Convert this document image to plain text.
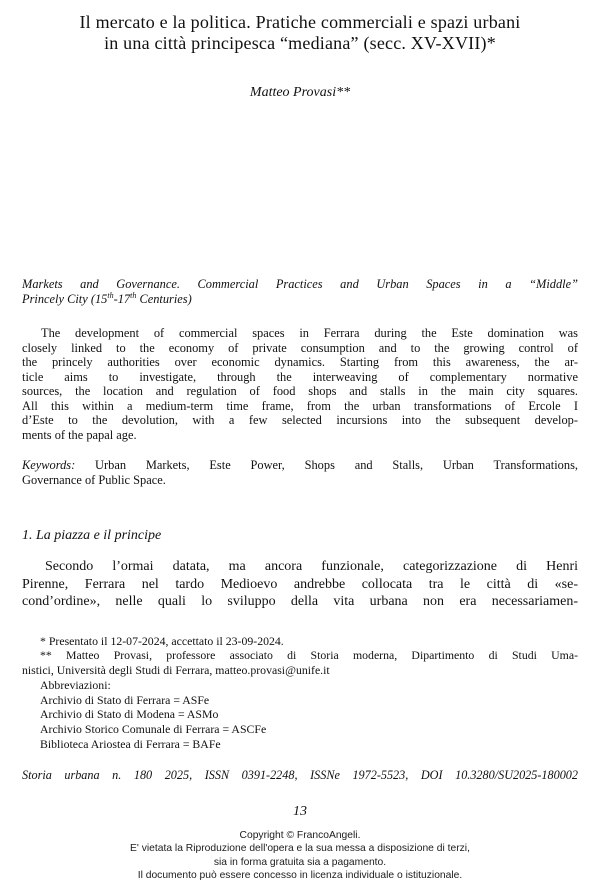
Il mercato e la politica. Pratiche commerciali e spazi urbani
in una città principesca “mediana” (secc. XV-XVII)*
Matteo Provasi**
Markets and Governance. Commercial Practices and Urban Spaces in a “Middle”
Princely City (15th-17th Centuries)
The development of commercial spaces in Ferrara during the Este domination was
closely linked to the economy of private consumption and to the growing control of
the princely authorities over economic dynamics. Starting from this awareness, the ar-
ticle aims to investigate, through the interweaving of complementary normative
sources, the location and regulation of food shops and stalls in the main city squares.
All this within a medium-term time frame, from the urban transformations of Ercole I
d’Este to the devolution, with a few selected incursions into the subsequent develop-
ments of the papal age.
Keywords: Urban Markets, Este Power, Shops and Stalls, Urban Transformations,
Governance of Public Space.
1. La piazza e il principe
Secondo l’ormai datata, ma ancora funzionale, categorizzazione di Henri
Pirenne, Ferrara nel tardo Medioevo andrebbe collocata tra le città di «se-
cond’ordine», nelle quali lo sviluppo della vita urbana non era necessariamen-
* Presentato il 12-07-2024, accettato il 23-09-2024.
** Matteo Provasi, professore associato di Storia moderna, Dipartimento di Studi Uma-
nistici, Università degli Studi di Ferrara, matteo.provasi@unife.it
Abbreviazioni:
Archivio di Stato di Ferrara = ASFe
Archivio di Stato di Modena = ASMo
Archivio Storico Comunale di Ferrara = ASCFe
Biblioteca Ariostea di Ferrara = BAFe
Storia urbana n. 180 2025, ISSN 0391-2248, ISSNe 1972-5523, DOI 10.3280/SU2025-180002
13
Copyright © FrancoAngeli.
E' vietata la Riproduzione dell'opera e la sua messa a disposizione di terzi,
sia in forma gratuita sia a pagamento.
Il documento può essere concesso in licenza individuale o istituzionale.
